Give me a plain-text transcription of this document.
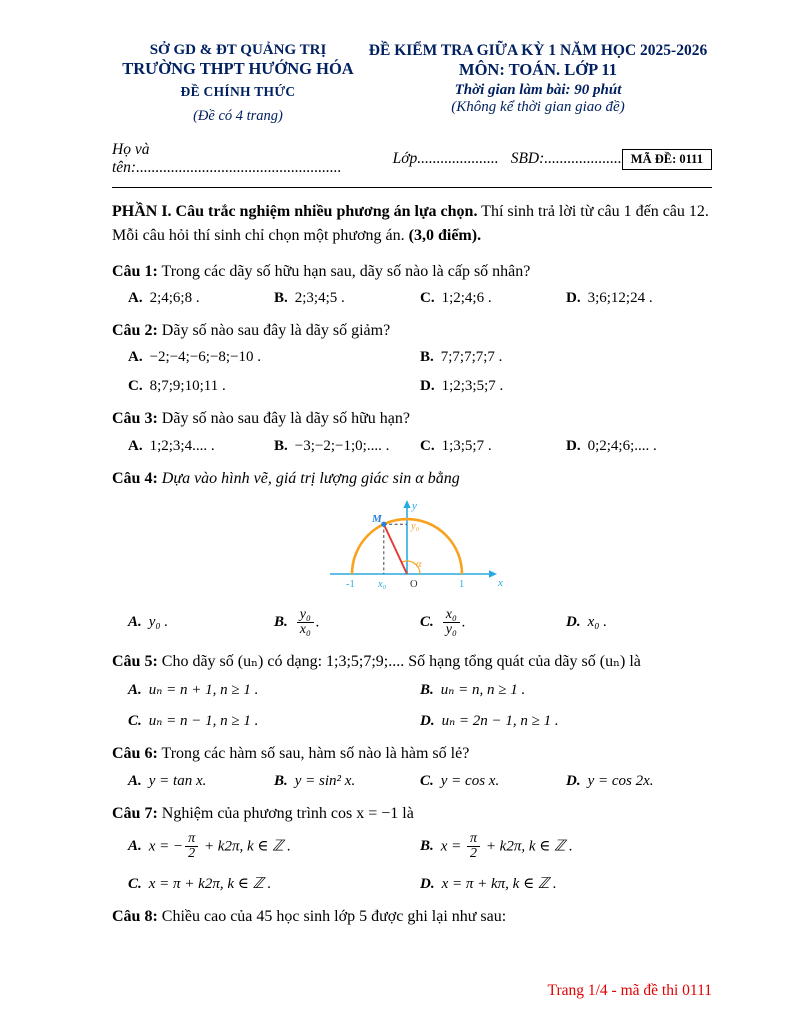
SỞ GD & ĐT QUẢNG TRỊ
TRƯỜNG THPT HƯỚNG HÓA
ĐỀ CHÍNH THỨC
(Đề có 4 trang)
ĐỀ KIỂM TRA GIỮA KỲ 1 NĂM HỌC 2025-2026
MÔN: TOÁN. LỚP 11
Thời gian làm bài: 90 phút
(Không kể thời gian giao đề)
Họ và tên:.....................................................
Lớp..................... SBD:.................... MÃ ĐỀ: 0111

PHẦN I. Câu trắc nghiệm nhiều phương án lựa chọn. Thí sinh trả lời từ câu 1 đến câu 12. Mỗi câu hỏi thí sinh chỉ chọn một phương án. (3,0 điểm).

Câu 1: Trong các dãy số hữu hạn sau, dãy số nào là cấp số nhân?

A. 2;4;6;8 .	B. 2;3;4;5 .	C. 1;2;4;6 .	D. 3;6;12;24 .

Câu 2: Dãy số nào sau đây là dãy số giảm?

A. −2;−4;−6;−8;−10 .	B. 7;7;7;7;7 .
C. 8;7;9;10;11 .	D. 1;2;3;5;7 .

Câu 3: Dãy số nào sau đây là dãy số hữu hạn?

A. 1;2;3;4.... .	B. −3;−2;−1;0;.... .	C. 1;3;5;7 .	D. 0;2;4;6;.... .

Câu 4: Dựa vào hình vẽ, giá trị lượng giác sin α bằng

M
y
x
-1 x₀ O	1
y₀
α
A. y₀ .	B. $\frac{\text{y₀}}{\text{x₀}}$ .	C. $\frac{\text{x₀}}{\text{y₀}}$ .	D. x₀ .

Câu 5: Cho dãy số (uₙ) có dạng: 1;3;5;7;9;.... Số hạng tổng quát của dãy số (uₙ) là

A. uₙ = n + 1, n ≥ 1 .	B. uₙ = n, n ≥ 1 .
C. uₙ = n − 1, n ≥ 1 .	D. uₙ = 2n − 1, n ≥ 1 .

Câu 6: Trong các hàm số sau, hàm số nào là hàm số lẻ?

A. y = tan x.	B. y = sin² x.	C. y = cos x.	D. y = cos 2x.

Câu 7: Nghiệm của phương trình cos x = −1 là

A. x = − $\frac{\pi}{2} + k2\pi$, k ∈ ℤ .	B. $x = \frac{\pi}{2} + k2\pi$, k ∈ ℤ .
C. x = π + k2π, k ∈ ℤ .	D. x = π + kπ, k ∈ ℤ .

Câu 8: Chiều cao của 45 học sinh lớp 5 được ghi lại như sau:

Trang 1/4 - mã đề thi 0111
